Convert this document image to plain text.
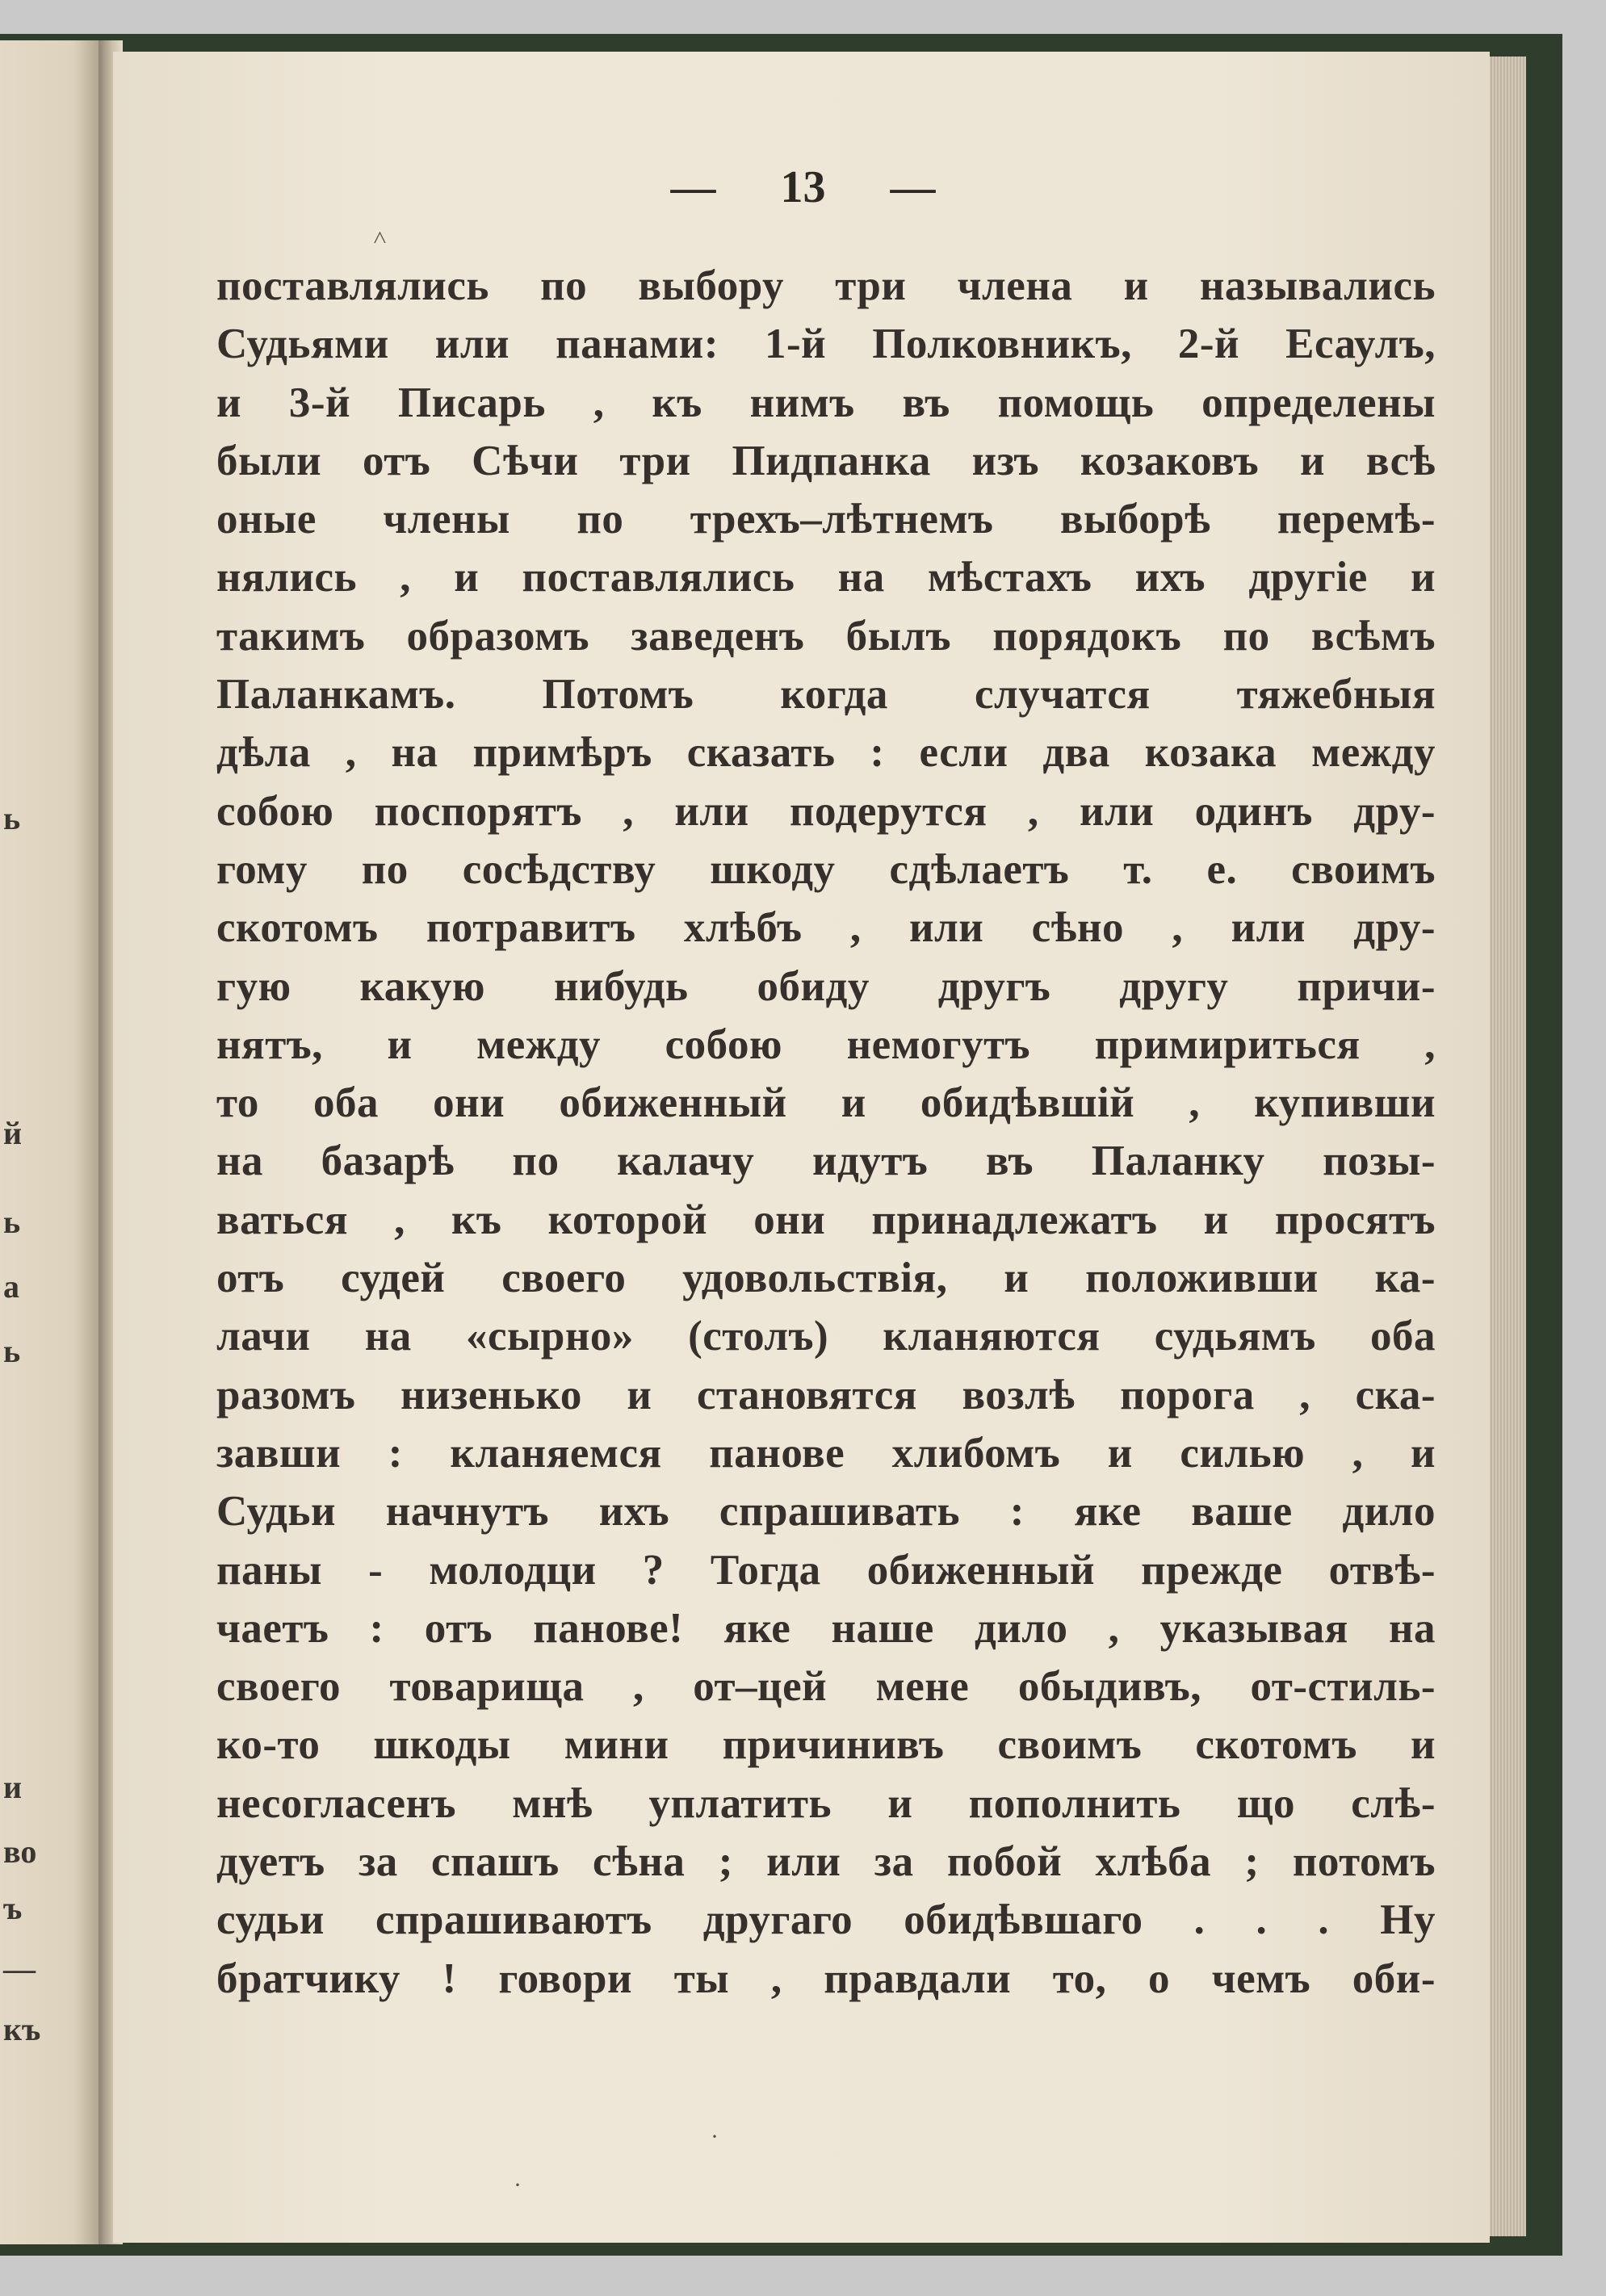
ь
ь
а
ь
й
и
во
ъ
—
къ
— 13 —
˄
поставлялись по выбору три члена и назывались
Судьями или панами: 1-й Полковникъ, 2-й Есаулъ,
и 3-й Писарь , къ нимъ въ помощь определены
были отъ Сѣчи три Пидпанка изъ козаковъ и всѣ
оные члены по трехъ–лѣтнемъ выборѣ перемѣ-
нялись , и поставлялись на мѣстахъ ихъ другіе и
такимъ образомъ заведенъ былъ порядокъ по всѣмъ
Паланкамъ. Потомъ когда случатся тяжебныя
дѣла , на примѣръ сказать : если два козака между
собою поспорятъ , или подерутся , или одинъ дру-
гому по сосѣдству шкоду сдѣлаетъ т. е. своимъ
скотомъ потравитъ хлѣбъ , или сѣно , или дру-
гую какую нибудь обиду другъ другу причи-
нятъ, и между собою немогутъ примириться ,
то оба они обиженный и обидѣвшій , купивши
на базарѣ по калачу идутъ въ Паланку позы-
ваться , къ которой они принадлежатъ и просятъ
отъ судей своего удовольствія, и положивши ка-
лачи на «сырно» (столъ) кланяются судьямъ оба
разомъ низенько и становятся возлѣ порога , ска-
завши : кланяемся панове хлибомъ и силью , и
Судьи начнутъ ихъ спрашивать : яке ваше дило
паны - молодци ? Тогда обиженный прежде отвѣ-
чаетъ : отъ панове! яке наше дило , указывая на
своего товарища , от–цей мене обыдивъ, от-стиль-
ко-то шкоды мини причинивъ своимъ скотомъ и
несогласенъ мнѣ уплатить и пополнить що слѣ-
дуетъ за спашъ сѣна ; или за побой хлѣба ; потомъ
судьи спрашиваютъ другаго обидѣвшаго . . . Ну
братчику ! говори ты , правдали то, о чемъ оби-
·
·
